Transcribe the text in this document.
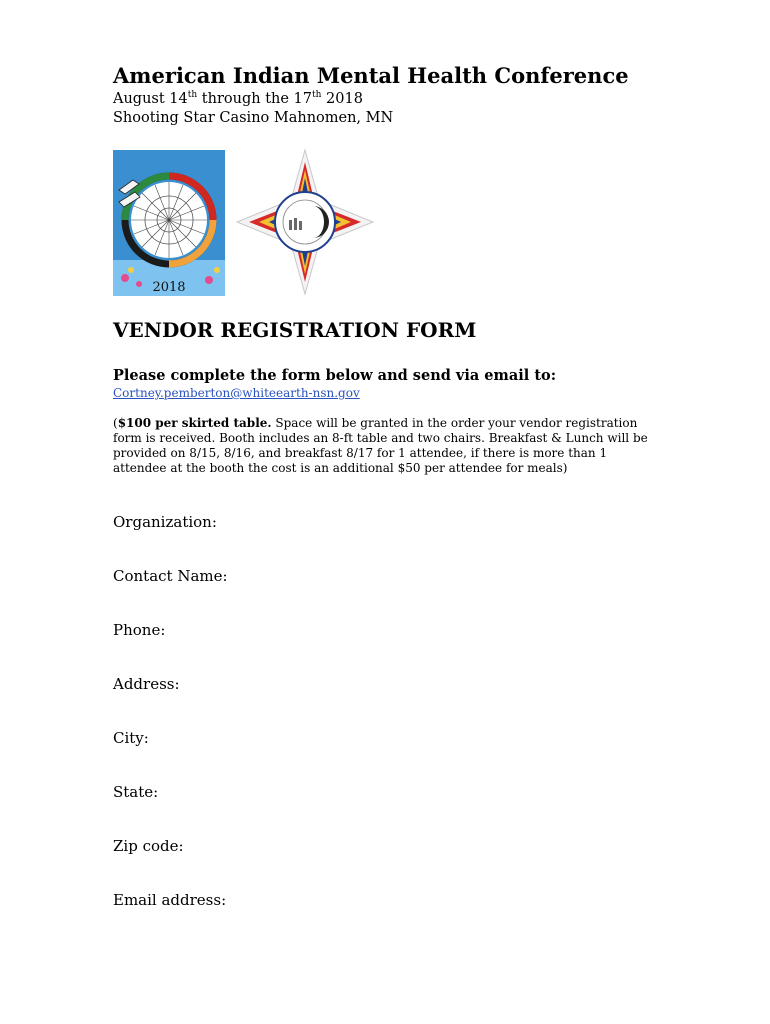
American Indian Mental Health Conference
August 14th through the 17th 2018
Shooting Star Casino Mahnomen, MN
2018
VENDOR REGISTRATION FORM
Please complete the form below and send via email to:
Cortney.pemberton@whiteearth-nsn.gov
($100 per skirted table. Space will be granted in the order your vendor registration form is received. Booth includes an 8-ft table and two chairs. Breakfast & Lunch will be provided on 8/15, 8/16, and breakfast 8/17 for 1 attendee, if there is more than 1 attendee at the booth the cost is an additional $50 per attendee for meals)
Organization:
Contact Name:
Phone:
Address:
City:
State:
Zip code:
Email address:
